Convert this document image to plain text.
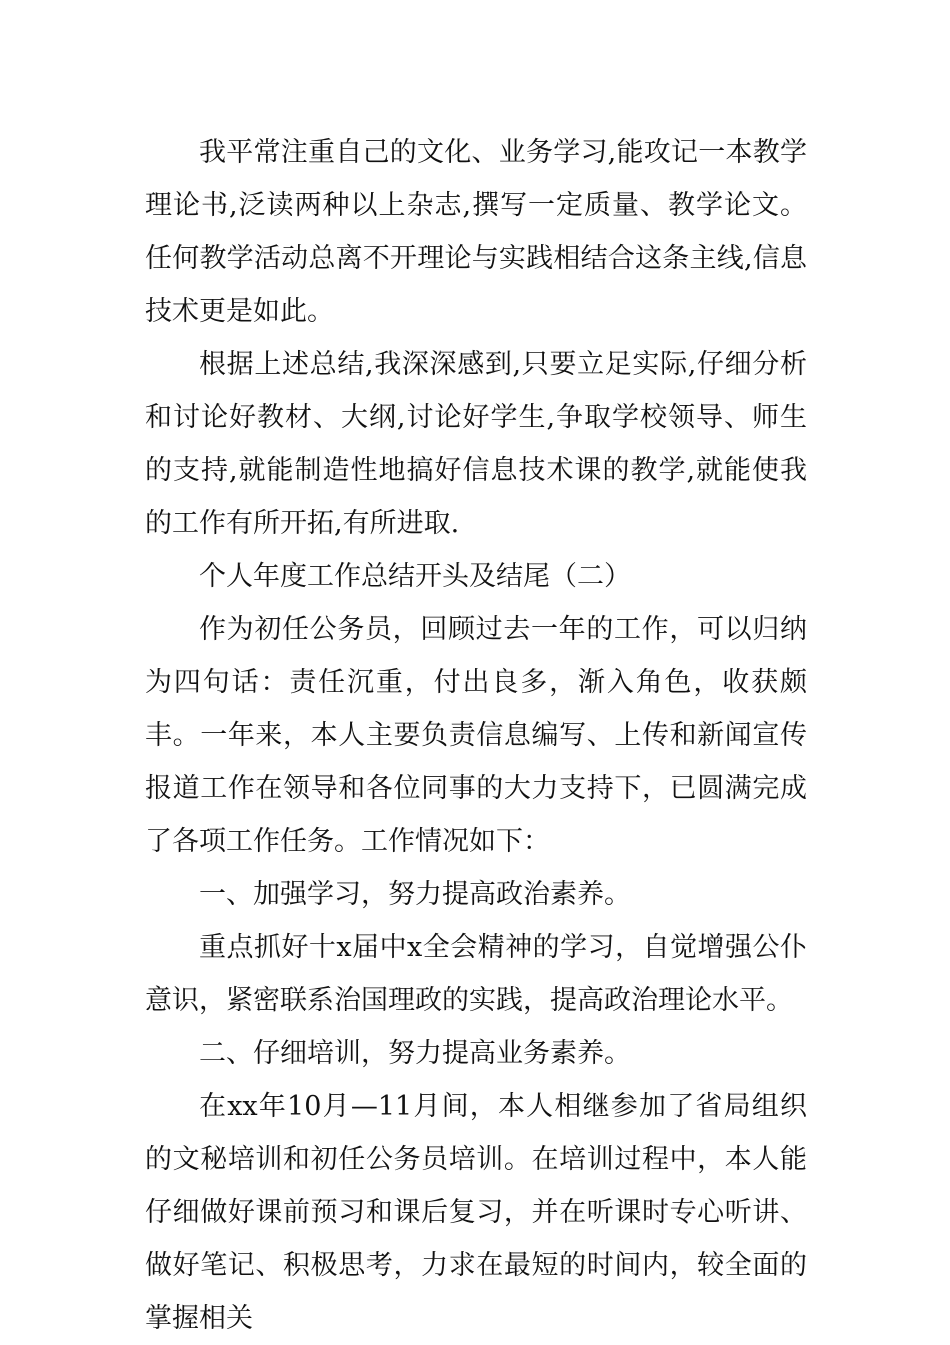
我平常注重自己的文化、业务学习,能攻记一本教学理论书,泛读两种以上杂志,撰写一定质量、教学论文。任何教学活动总离不开理论与实践相结合这条主线,信息技术更是如此。

根据上述总结,我深深感到,只要立足实际,仔细分析和讨论好教材、大纲,讨论好学生,争取学校领导、师生的支持,就能制造性地搞好信息技术课的教学,就能使我的工作有所开拓,有所进取.

个人年度工作总结开头及结尾（二）

作为初任公务员，回顾过去一年的工作，可以归纳为四句话：责任沉重，付出良多，渐入角色，收获颇丰。一年来，本人主要负责信息编写、上传和新闻宣传报道工作在领导和各位同事的大力支持下，已圆满完成了各项工作任务。工作情况如下：

一、加强学习，努力提高政治素养。

重点抓好十x届中x全会精神的学习，自觉增强公仆意识，紧密联系治国理政的实践，提高政治理论水平。

二、仔细培训，努力提高业务素养。

在xx年10月—11月间，本人相继参加了省局组织的文秘培训和初任公务员培训。在培训过程中，本人能仔细做好课前预习和课后复习，并在听课时专心听讲、做好笔记、积极思考，力求在最短的时间内，较全面的掌握相关
